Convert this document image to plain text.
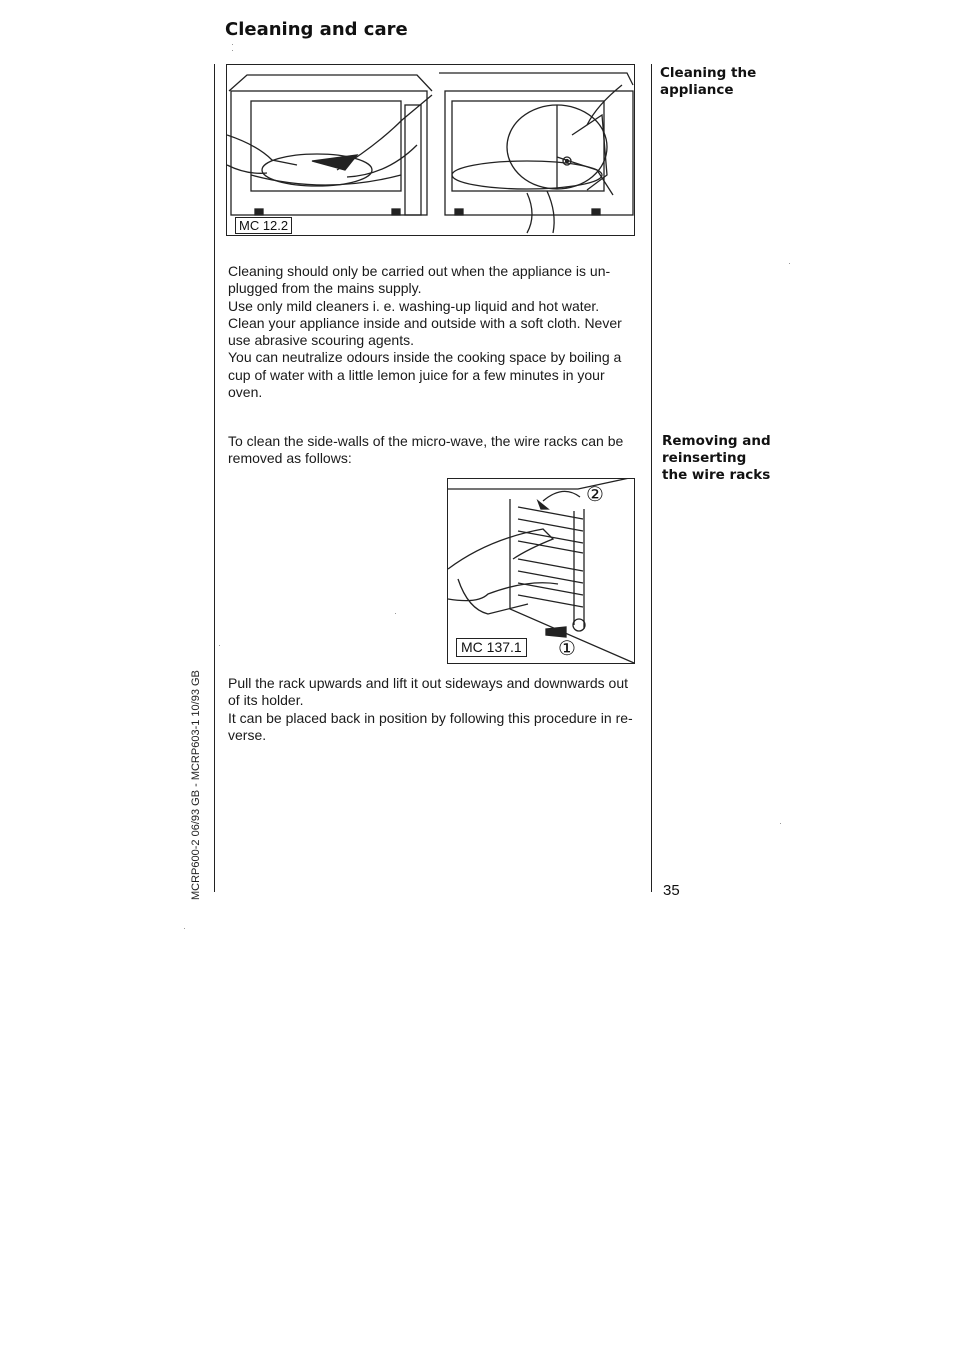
Cleaning and care
Cleaning the
appliance
Removing and
reinserting
the wire racks
MC 12.2
Cleaning should only be carried out when the appliance is un-
plugged from the mains supply.
Use only mild cleaners i. e. washing-up liquid and hot water.
Clean your appliance inside and outside with a soft cloth. Never
use abrasive scouring agents.
You can neutralize odours inside the cooking space by boiling a
cup of water with a little lemon juice for a few minutes in your
oven.
To clean the side-walls of the micro-wave, the wire racks can be
removed as follows:
②
①
MC 137.1
Pull the rack upwards and lift it out sideways and downwards out
of its holder.
It can be placed back in position by following this procedure in re-
verse.
MCRP600-2 06/93 GB - MCRP603-1 10/93 GB	35
